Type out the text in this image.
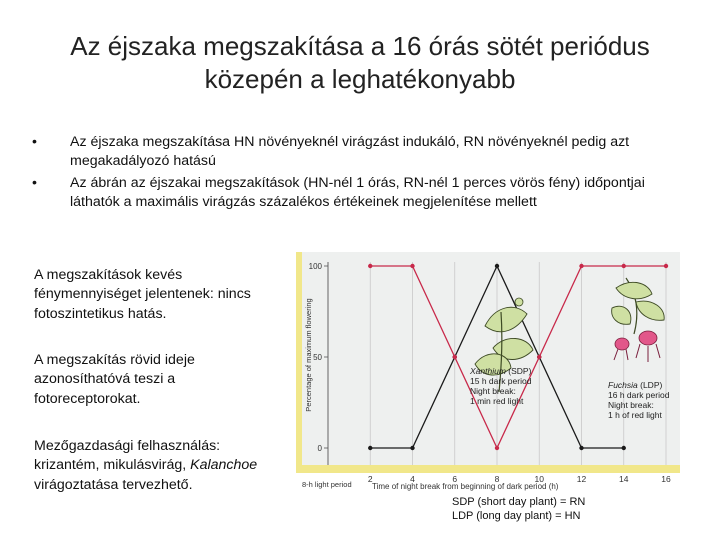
Az éjszaka megszakítása a 16 órás sötét periódus közepén a leghatékonyabb
• Az éjszaka megszakítása HN növényeknél virágzást indukáló, RN növényeknél pedig azt megakadályozó hatású
• Az ábrán az éjszakai megszakítások (HN-nél 1 órás, RN-nél 1 perces vörös fény) időpontjai láthatók a maximális virágzás százalékos értékeinek megjelenítése mellett
A megszakítások kevés fénymennyiséget jelentenek: nincs fotoszintetikus hatás.
A megszakítás rövid ideje azonosíthatóvá teszi a fotoreceptorokat.
Mezőgazdasági felhasználás: krizantém, mikulásvirág, Kalanchoe virágoztatása tervezhető.	2	4	6	8	10	12	14	16
0
50
100
Percentage of maximum flowering
Time of night break from beginning of dark period (h)
8-h light period
Xanthium (SDP)
15 h dark period
Night break:
1 min red light
Fuchsia (LDP)
16 h dark period
Night break:
1 h of red light
SDP (short day plant) = RN
LDP (long day plant) = HN
